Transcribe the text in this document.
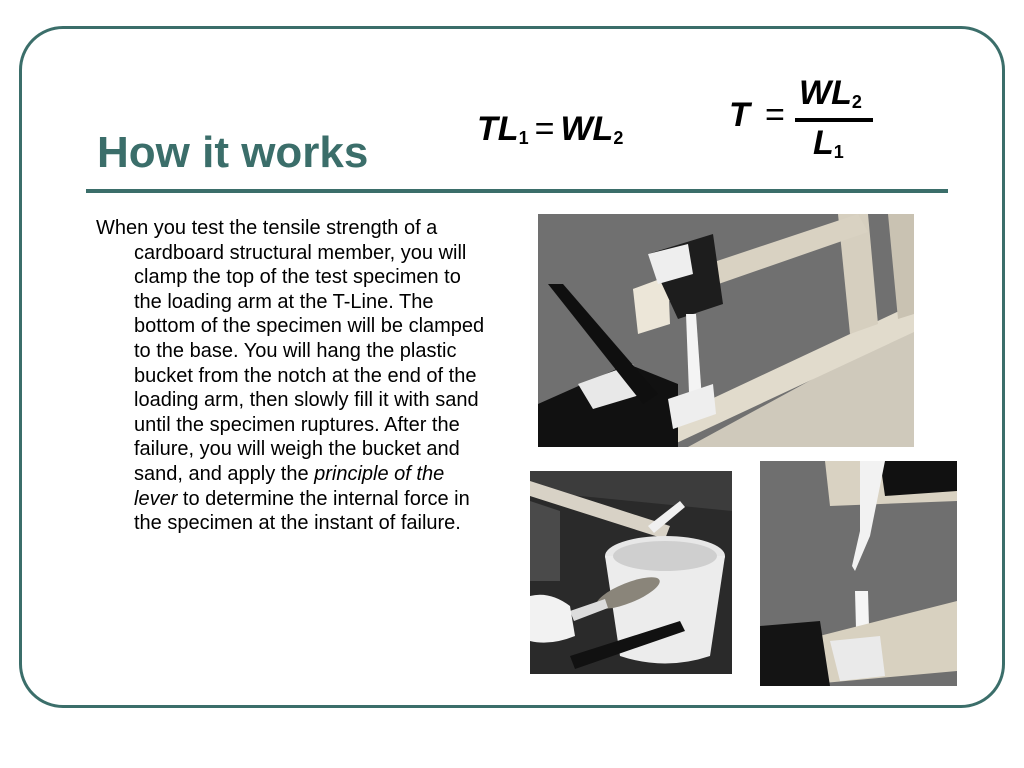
How it works	$TL_1 = WL_2$
T =
$WL_2$
$L_1$

When you test the tensile strength of a cardboard structural member, you will clamp the top of the test specimen to the loading arm at the T-Line. The bottom of the specimen will be clamped to the base. You will hang the plastic bucket from the notch at the end of the loading arm, then slowly fill it with sand until the specimen ruptures. After the failure, you will weigh the bucket and sand, and apply the principle of the lever to determine the internal force in the specimen at the instant of failure.
